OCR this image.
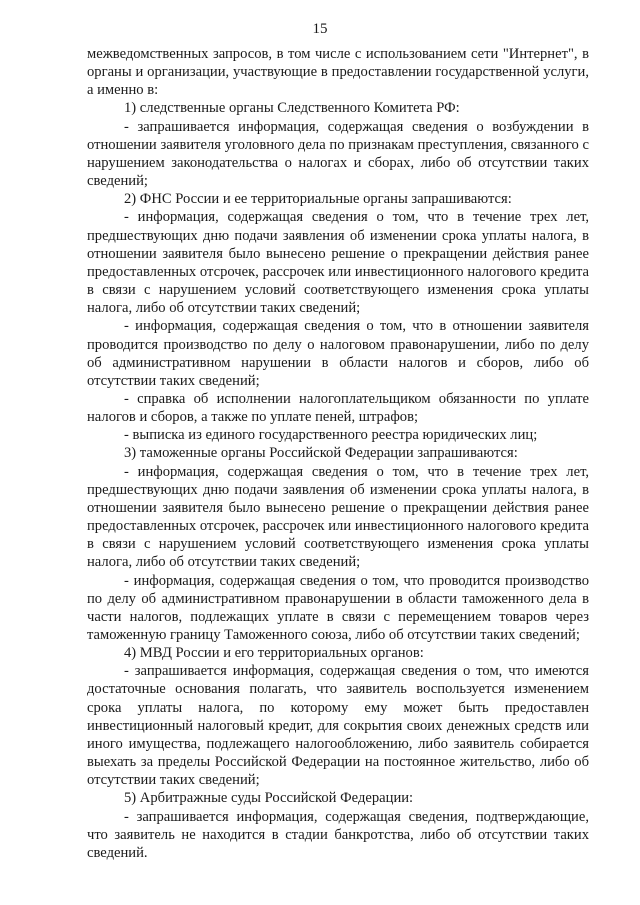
15

межведомственных запросов, в том числе с использованием сети "Интернет", в органы и организации, участвующие в предоставлении государственной услуги, а именно в:

1) следственные органы Следственного Комитета РФ:

- запрашивается информация, содержащая сведения о возбуждении в отношении заявителя уголовного дела по признакам преступления, связанного с нарушением законодательства о налогах и сборах, либо об отсутствии таких сведений;

2) ФНС России и ее территориальные органы запрашиваются:

- информация, содержащая сведения о том, что в течение трех лет, предшествующих дню подачи заявления об изменении срока уплаты налога, в отношении заявителя было вынесено решение о прекращении действия ранее предоставленных отсрочек, рассрочек или инвестиционного налогового кредита в связи с нарушением условий соответствующего изменения срока уплаты налога, либо об отсутствии таких сведений;

- информация, содержащая сведения о том, что в отношении заявителя проводится производство по делу о налоговом правонарушении, либо по делу об административном нарушении в области налогов и сборов, либо об отсутствии таких сведений;

- справка об исполнении налогоплательщиком обязанности по уплате налогов и сборов, а также по уплате пеней, штрафов;

- выписка из единого государственного реестра юридических лиц;

3) таможенные органы Российской Федерации запрашиваются:

- информация, содержащая сведения о том, что в течение трех лет, предшествующих дню подачи заявления об изменении срока уплаты налога, в отношении заявителя было вынесено решение о прекращении действия ранее предоставленных отсрочек, рассрочек или инвестиционного налогового кредита в связи с нарушением условий соответствующего изменения срока уплаты налога, либо об отсутствии таких сведений;

- информация, содержащая сведения о том, что проводится производство по делу об административном правонарушении в области таможенного дела в части налогов, подлежащих уплате в связи с перемещением товаров через таможенную границу Таможенного союза, либо об отсутствии таких сведений;

4) МВД России и его территориальных органов:

- запрашивается информация, содержащая сведения о том, что имеются достаточные основания полагать, что заявитель воспользуется изменением срока уплаты налога, по которому ему может быть предоставлен инвестиционный налоговый кредит, для сокрытия своих денежных средств или иного имущества, подлежащего налогообложению, либо заявитель собирается выехать за пределы Российской Федерации на постоянное жительство, либо об отсутствии таких сведений;

5) Арбитражные суды Российской Федерации:

- запрашивается информация, содержащая сведения, подтверждающие, что заявитель не находится в стадии банкротства, либо об отсутствии таких сведений.
